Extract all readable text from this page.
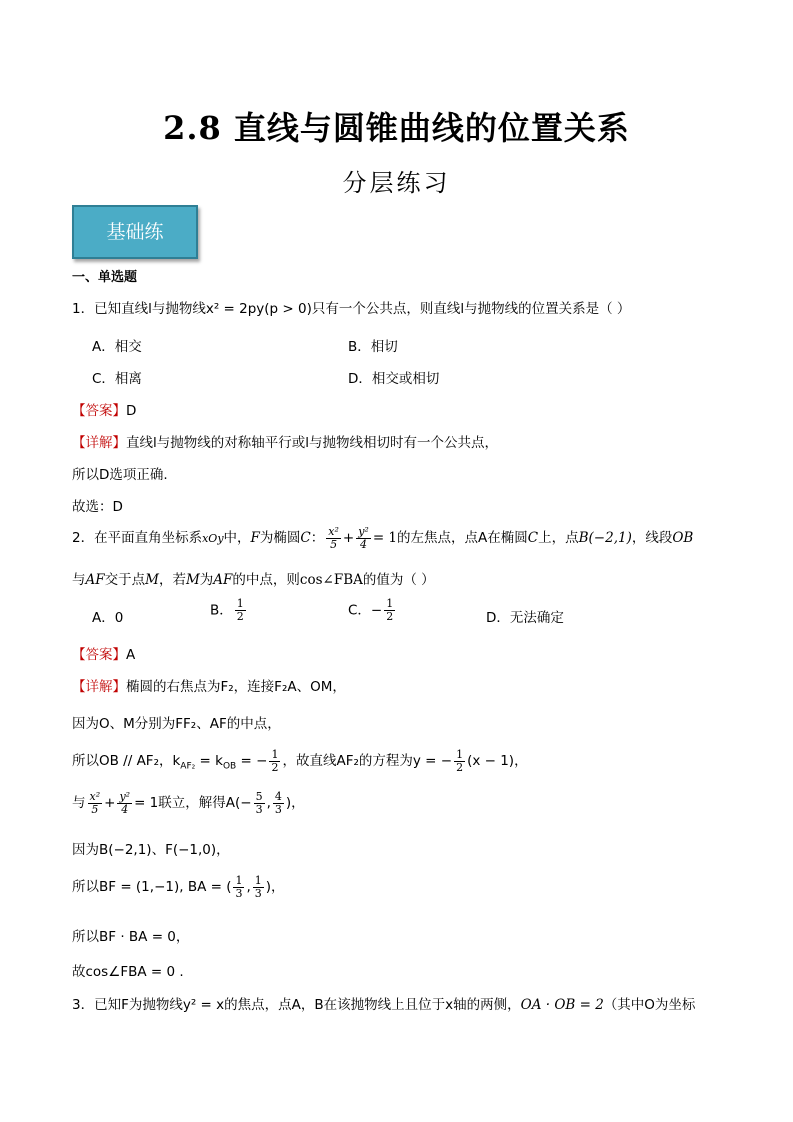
2.8 直线与圆锥曲线的位置关系
分层练习
基础练
一、单选题
1．已知直线l与抛物线x² = 2py(p > 0)只有一个公共点，则直线l与抛物线的位置关系是（ ）
A．相交	B．相切
C．相离	D．相交或相切
【答案】D
【详解】直线l与抛物线的对称轴平行或l与抛物线相切时有一个公共点，
所以D选项正确.
故选：D
2．在平面直角坐标系xOy中，F为椭圆C： $\frac{\text{x²}}{5} + \frac{\text{y²}}{4} = 1$的左焦点，点A在椭圆C上，点B(−2,1)，线段OB
与AF交于点M，若M为AF的中点，则cos∠FBA的值为（ ）
A．0	B． $\frac{1}{2}$	C．− $\frac{1}{2}$	D．无法确定
【答案】A
【详解】椭圆的右焦点为F₂，连接F₂A、OM，
因为O、M分别为FF₂、AF的中点，
所以OB // AF₂，$k_{AF_2} = k_{OB}$ = − $\frac{1}{2}$ ，故直线AF₂的方程为y = − $\frac{1}{2} (x - 1)$，
与 $\frac{\text{x²}}{5} + \frac{\text{y²}}{4} = 1$联立，解得$A(- \frac{5}{3}$ , $\frac{4}{3}$ )，
因为B(−2,1)、F(−1,0)，
所以BF = (1,−1), BA = ( $\frac{1}{3}$ , $\frac{1}{3}$ )，
所以BF · BA = 0，
故cos∠FBA = 0 .
3．已知F为抛物线y² = x的焦点，点A，B在该抛物线上且位于x轴的两侧，OA · OB = 2（其中O为坐标
